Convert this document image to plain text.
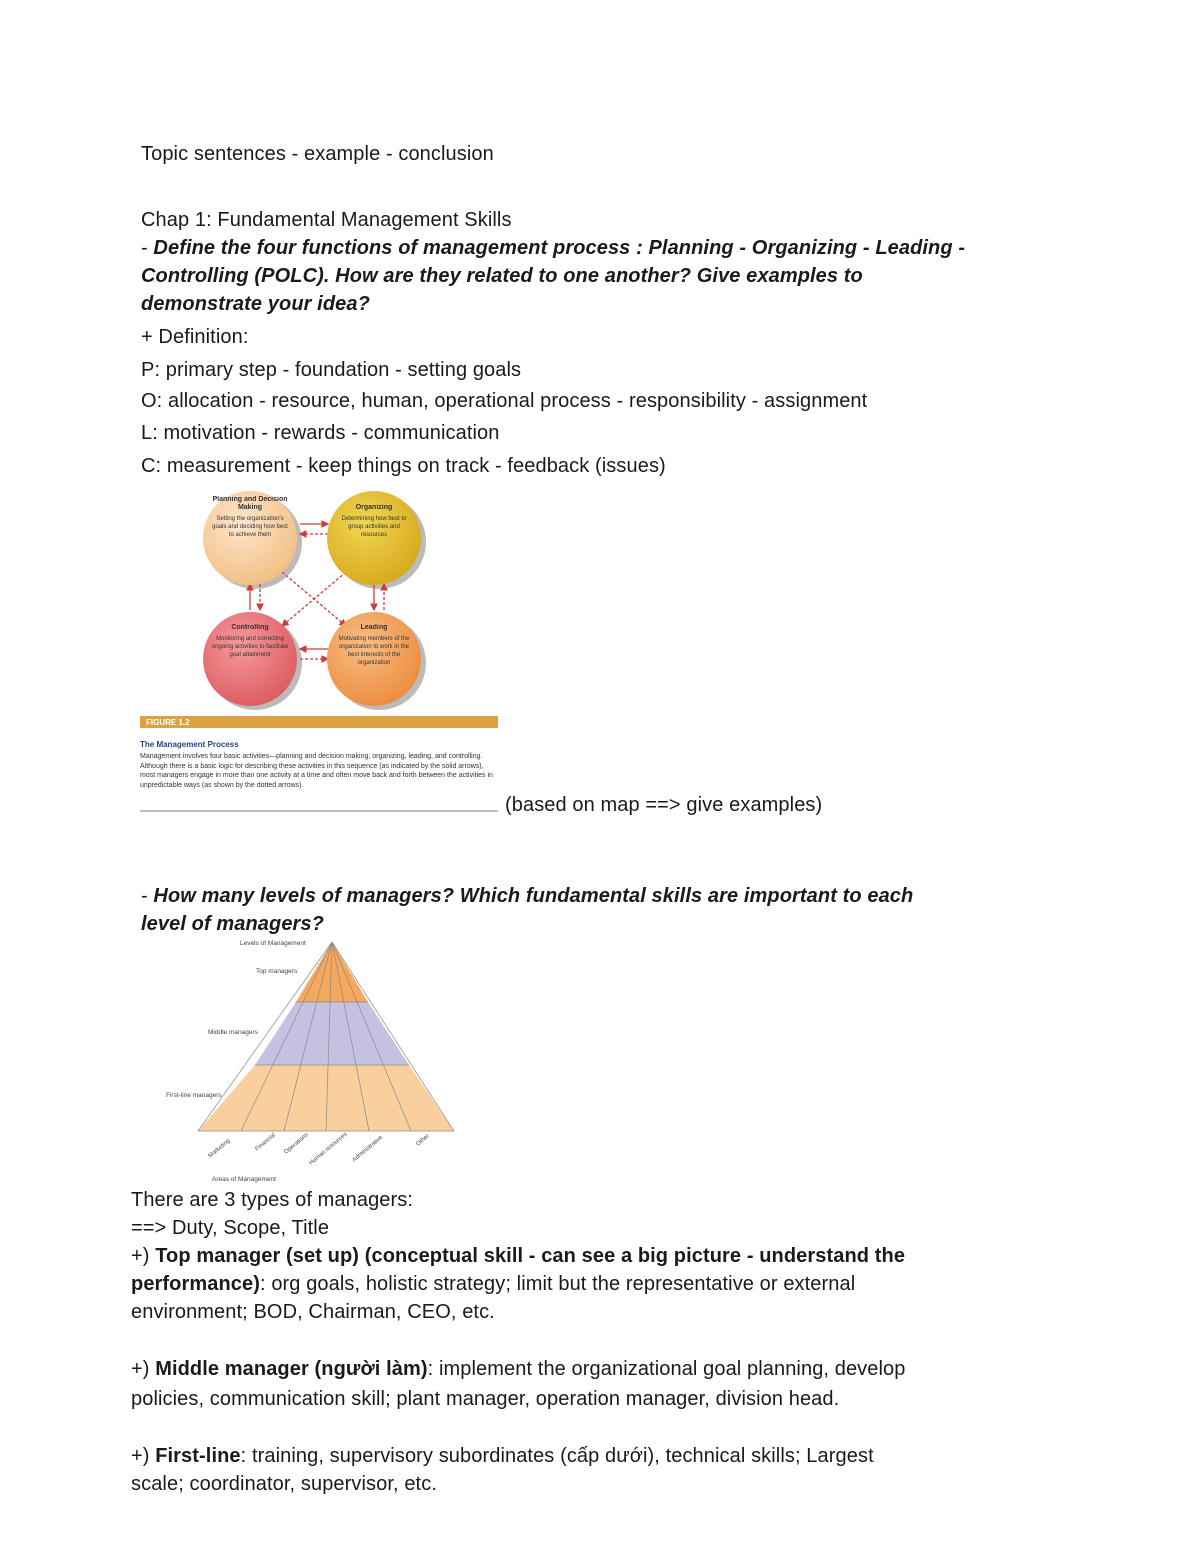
Topic sentences - example - conclusion
Chap 1: Fundamental Management Skills
- Define the four functions of management process : Planning - Organizing - Leading -
Controlling (POLC). How are they related to one another? Give examples to
demonstrate your idea?
+ Definition:
P: primary step - foundation - setting goals
O: allocation - resource, human, operational process - responsibility - assignment
L: motivation - rewards - communication
C: measurement - keep things on track - feedback (issues)
Planning and Decision Making
Setting the organization's goals and deciding how best to achieve them
Organizing
Determining how best to group activities and resources
Controlling
Monitoring and correcting ongoing activities to facilitate goal attainment
Leading
Motivating members of the organization to work in the best interests of the organization
FIGURE 1.2
The Management Process
Management involves four basic activities—planning and decision making, organizing, leading, and controlling. Although there is a basic logic for describing these activities in this sequence (as indicated by the solid arrows), most managers engage in more than one activity at a time and often move back and forth between the activities in unpredictable ways (as shown by the dotted arrows).
(based on map ==> give examples)
- How many levels of managers? Which fundamental skills are important to each
level of managers?
Levels of Management
Top managers
Middle managers
First-line managers
Marketing	Financial Operations
Human resources Administrative	Other
Areas of Management
There are 3 types of managers:
==> Duty, Scope, Title
+) Top manager (set up) (conceptual skill - can see a big picture - understand the
performance): org goals, holistic strategy; limit but the representative or external
environment; BOD, Chairman, CEO, etc.
+) Middle manager (người làm): implement the organizational goal planning, develop
policies, communication skill; plant manager, operation manager, division head.
+) First-line: training, supervisory subordinates (cấp dưới), technical skills; Largest
scale; coordinator, supervisor, etc.
